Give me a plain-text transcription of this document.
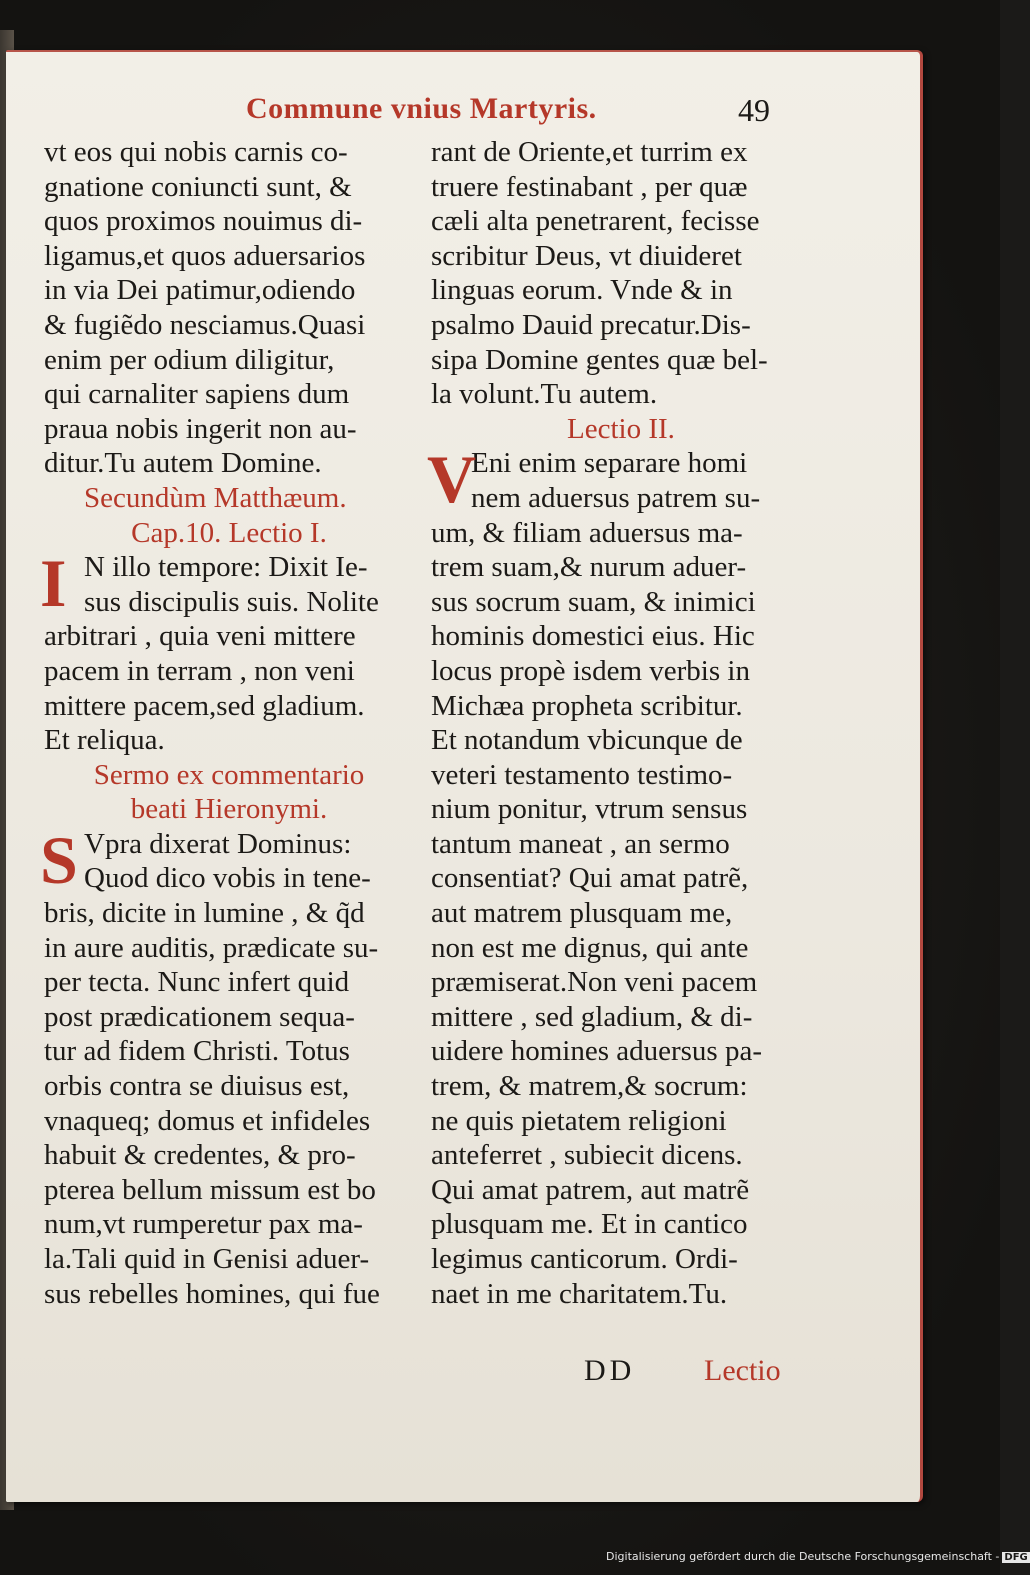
Commune vnius Martyris.	49
vt eos qui nobis carnis co-
gnatione coniuncti sunt, &
quos proximos nouimus di-
ligamus,et quos aduersarios
in via Dei patimur,odiendo
& fugiẽdo nesciamus.Quasi
enim per odium diligitur,
qui carnaliter sapiens dum
praua nobis ingerit non au-
ditur.Tu autem Domine.
Secundùm Matthæum.
Cap.10. Lectio I.
I N illo tempore: Dixit Ie-
sus discipulis suis. Nolite
arbitrari , quia veni mittere
pacem in terram , non veni
mittere pacem,sed gladium.
Et reliqua.
Sermo ex commentario
beati Hieronymi.
S Vpra dixerat Dominus:
Quod dico vobis in tene-
bris, dicite in lumine , & q̃d
in aure auditis, prædicate su-
per tecta. Nunc infert quid
post prædicationem sequa-
tur ad fidem Christi. Totus
orbis contra se diuisus est,
vnaqueq; domus et infideles
habuit & credentes, & pro-
pterea bellum missum est bo
num,vt rumperetur pax ma-
la.Tali quid in Genisi aduer-
sus rebelles homines, qui fue
rant de Oriente,et turrim ex
truere festinabant , per quæ
cæli alta penetrarent, fecisse
scribitur Deus, vt diuideret
linguas eorum. Vnde & in
psalmo Dauid precatur.Dis-
sipa Domine gentes quæ bel-
la volunt.Tu autem.
Lectio II.
V
Eni enim separare homi
nem aduersus patrem su-
um, & filiam aduersus ma-
trem suam,& nurum aduer-
sus socrum suam, & inimici
hominis domestici eius. Hic
locus propè isdem verbis in
Michæa propheta scribitur.
Et notandum vbicunque de
veteri testamento testimo-
nium ponitur, vtrum sensus
tantum maneat , an sermo
consentiat? Qui amat patrẽ,
aut matrem plusquam me,
non est me dignus, qui ante
præmiserat.Non veni pacem
mittere , sed gladium, & di-
uidere homines aduersus pa-
trem, & matrem,& socrum:
ne quis pietatem religioni
anteferret , subiecit dicens.
Qui amat patrem, aut matrẽ
plusquam me. Et in cantico
legimus canticorum. Ordi-
naet in me charitatem.Tu.
DD Lectio
Digitalisierung gefördert durch die Deutsche Forschungsgemeinschaft - DFG
